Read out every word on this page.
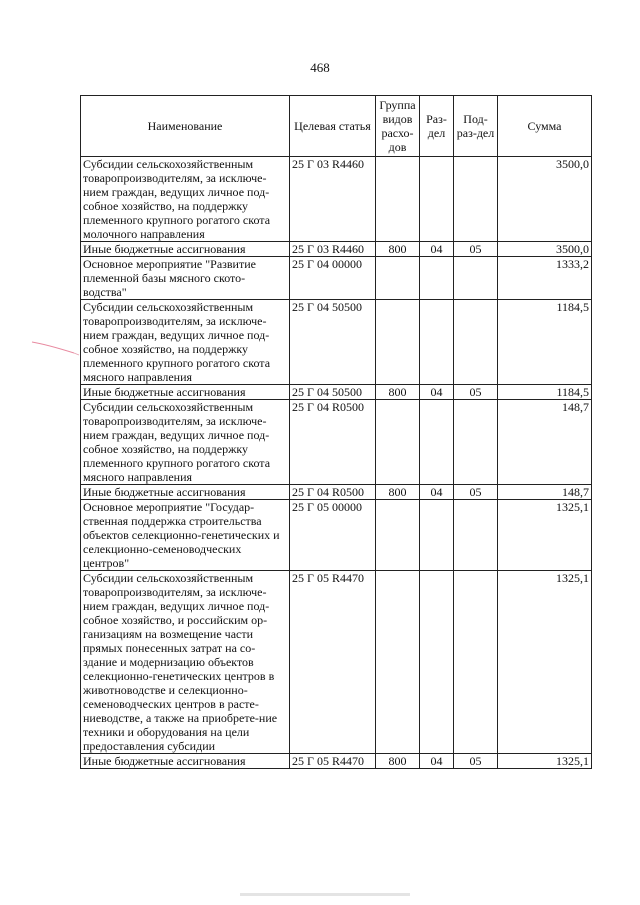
468
Наименование	Целевая статья	Группа видов расхо-дов	Раз-дел	Под-раз-дел	Сумма
Субсидии сельскохозяйственным товаропроизводителям, за исключе-нием граждан, ведущих личное под-собное хозяйство, на поддержку племенного крупного рогатого скота молочного направления	25 Г 03 R4460				3500,0
Иные бюджетные ассигнования	25 Г 03 R4460	800	04	05	3500,0
Основное мероприятие "Развитие племенной базы мясного ското-водства"	25 Г 04 00000				1333,2
Субсидии сельскохозяйственным товаропроизводителям, за исключе-нием граждан, ведущих личное под-собное хозяйство, на поддержку племенного крупного рогатого скота мясного направления	25 Г 04 50500				1184,5
Иные бюджетные ассигнования	25 Г 04 50500	800	04	05	1184,5
Субсидии сельскохозяйственным товаропроизводителям, за исключе-нием граждан, ведущих личное под-собное хозяйство, на поддержку племенного крупного рогатого скота мясного направления	25 Г 04 R0500				148,7
Иные бюджетные ассигнования	25 Г 04 R0500	800	04	05	148,7
Основное мероприятие "Государ-ственная поддержка строительства объектов селекционно-генетических и селекционно-семеноводческих центров"	25 Г 05 00000				1325,1
Субсидии сельскохозяйственным товаропроизводителям, за исключе-нием граждан, ведущих личное под-собное хозяйство, и российским ор-ганизациям на возмещение части прямых понесенных затрат на со-здание и модернизацию объектов селекционно-генетических центров в животноводстве и селекционно-семеноводческих центров в расте-ниеводстве, а также на приобрете-ние техники и оборудования на цели предоставления субсидии	25 Г 05 R4470				1325,1
Иные бюджетные ассигнования	25 Г 05 R4470	800	04	05	1325,1
